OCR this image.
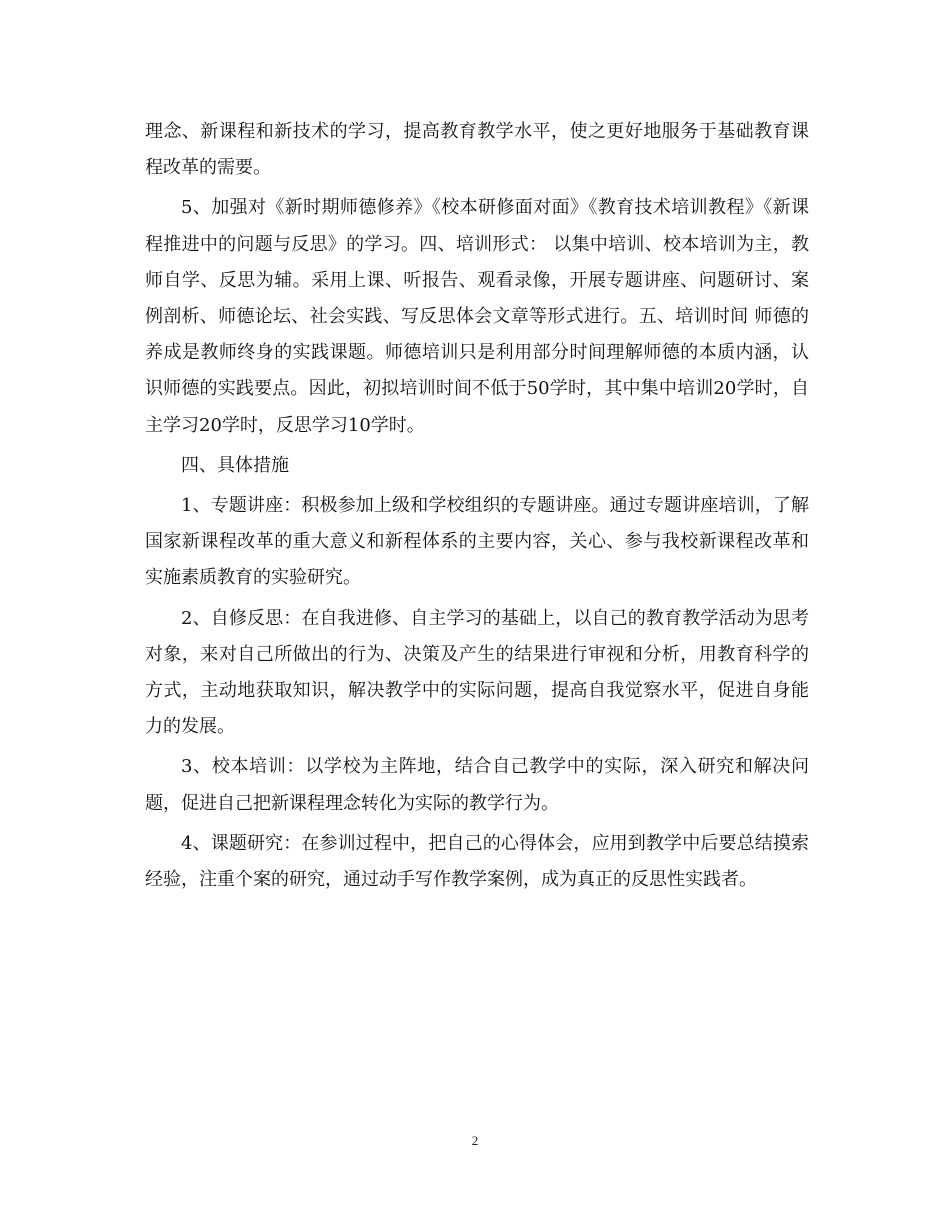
理念、新课程和新技术的学习，提高教育教学水平，使之更好地服务于基础教育课程改革的需要。

5、加强对《新时期师德修养》《校本研修面对面》《教育技术培训教程》《新课程推进中的问题与反思》的学习。四、培训形式： 以集中培训、校本培训为主，教师自学、反思为辅。采用上课、听报告、观看录像，开展专题讲座、问题研讨、案例剖析、师德论坛、社会实践、写反思体会文章等形式进行。五、培训时间 师德的养成是教师终身的实践课题。师德培训只是利用部分时间理解师德的本质内涵，认识师德的实践要点。因此，初拟培训时间不低于50学时，其中集中培训20学时，自主学习20学时，反思学习10学时。

四、具体措施

1、专题讲座：积极参加上级和学校组织的专题讲座。通过专题讲座培训，了解国家新课程改革的重大意义和新程体系的主要内容，关心、参与我校新课程改革和实施素质教育的实验研究。

2、自修反思：在自我进修、自主学习的基础上，以自己的教育教学活动为思考对象，来对自己所做出的行为、决策及产生的结果进行审视和分析，用教育科学的方式，主动地获取知识，解决教学中的实际问题，提高自我觉察水平，促进自身能力的发展。

3、校本培训：以学校为主阵地，结合自己教学中的实际，深入研究和解决问题，促进自己把新课程理念转化为实际的教学行为。

4、课题研究：在参训过程中，把自己的心得体会，应用到教学中后要总结摸索经验，注重个案的研究，通过动手写作教学案例，成为真正的反思性实践者。

2
